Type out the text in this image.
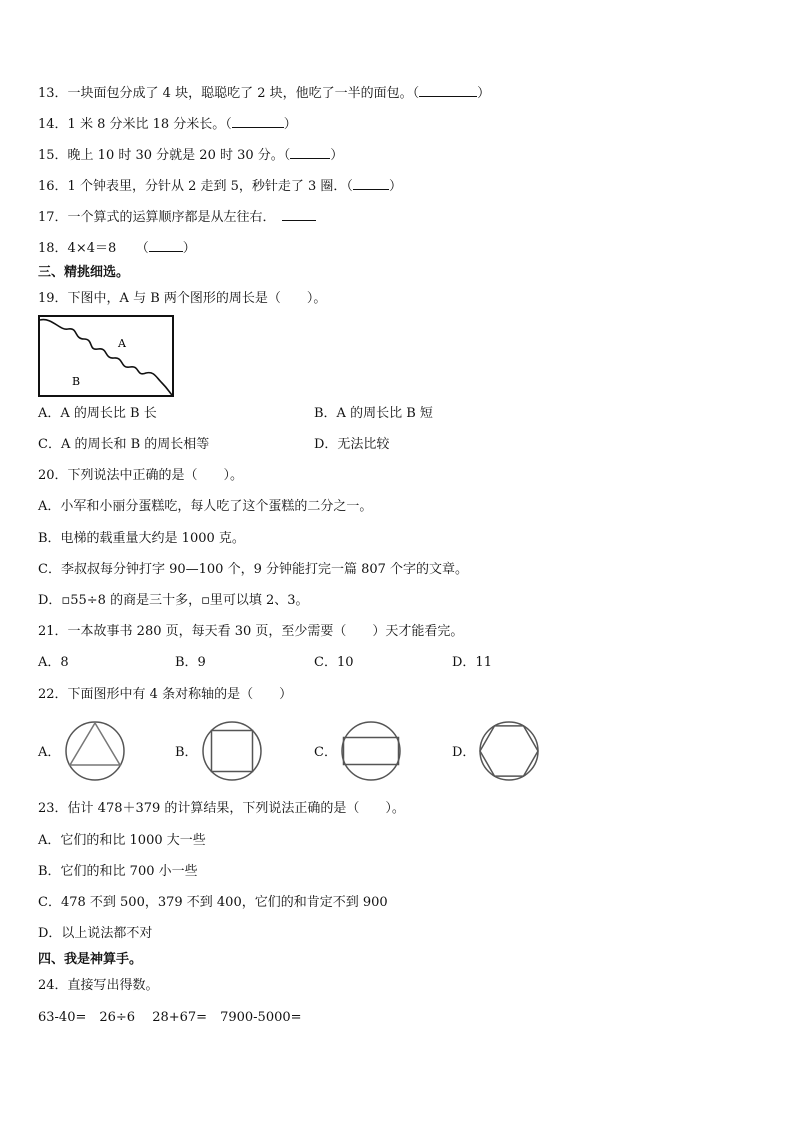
13．一块面包分成了 4 块，聪聪吃了 2 块，他吃了一半的面包。（	）
14．1 米 8 分米比 18 分米长。（	）
15．晚上 10 时 30 分就是 20 时 30 分。（	）
16．1 个钟表里，分针从 2 走到 5，秒针走了 3 圈．（	）
17．一个算式的运算顺序都是从左往右．
18．4×4＝8　　（	）
三、精挑细选。
19．下图中，A 与 B 两个图形的周长是（　　）。
A
B
A．A 的周长比 B 长	B．A 的周长比 B 短
C．A 的周长和 B 的周长相等	D．无法比较
20．下列说法中正确的是（　　）。
A．小军和小丽分蛋糕吃，每人吃了这个蛋糕的二分之一。
B．电梯的载重量大约是 1000 克。
C．李叔叔每分钟打字 90—100 个，9 分钟能打完一篇 807 个字的文章。
D．▫55÷8 的商是三十多，▫里可以填 2、3。
21．一本故事书 280 页，每天看 30 页，至少需要（　　）天才能看完。
A．8	B．9	C．10	D．11
22．下面图形中有 4 条对称轴的是（　　）
A．	B．	C．	D．
23．估计 478＋379 的计算结果，下列说法正确的是（　　）。
A．它们的和比 1000 大一些
B．它们的和比 700 小一些
C．478 不到 500，379 不到 400，它们的和肯定不到 900
D．以上说法都不对
四、我是神算手。
24．直接写出得数。
63-40=　26÷6　 28+67=　7900-5000=
